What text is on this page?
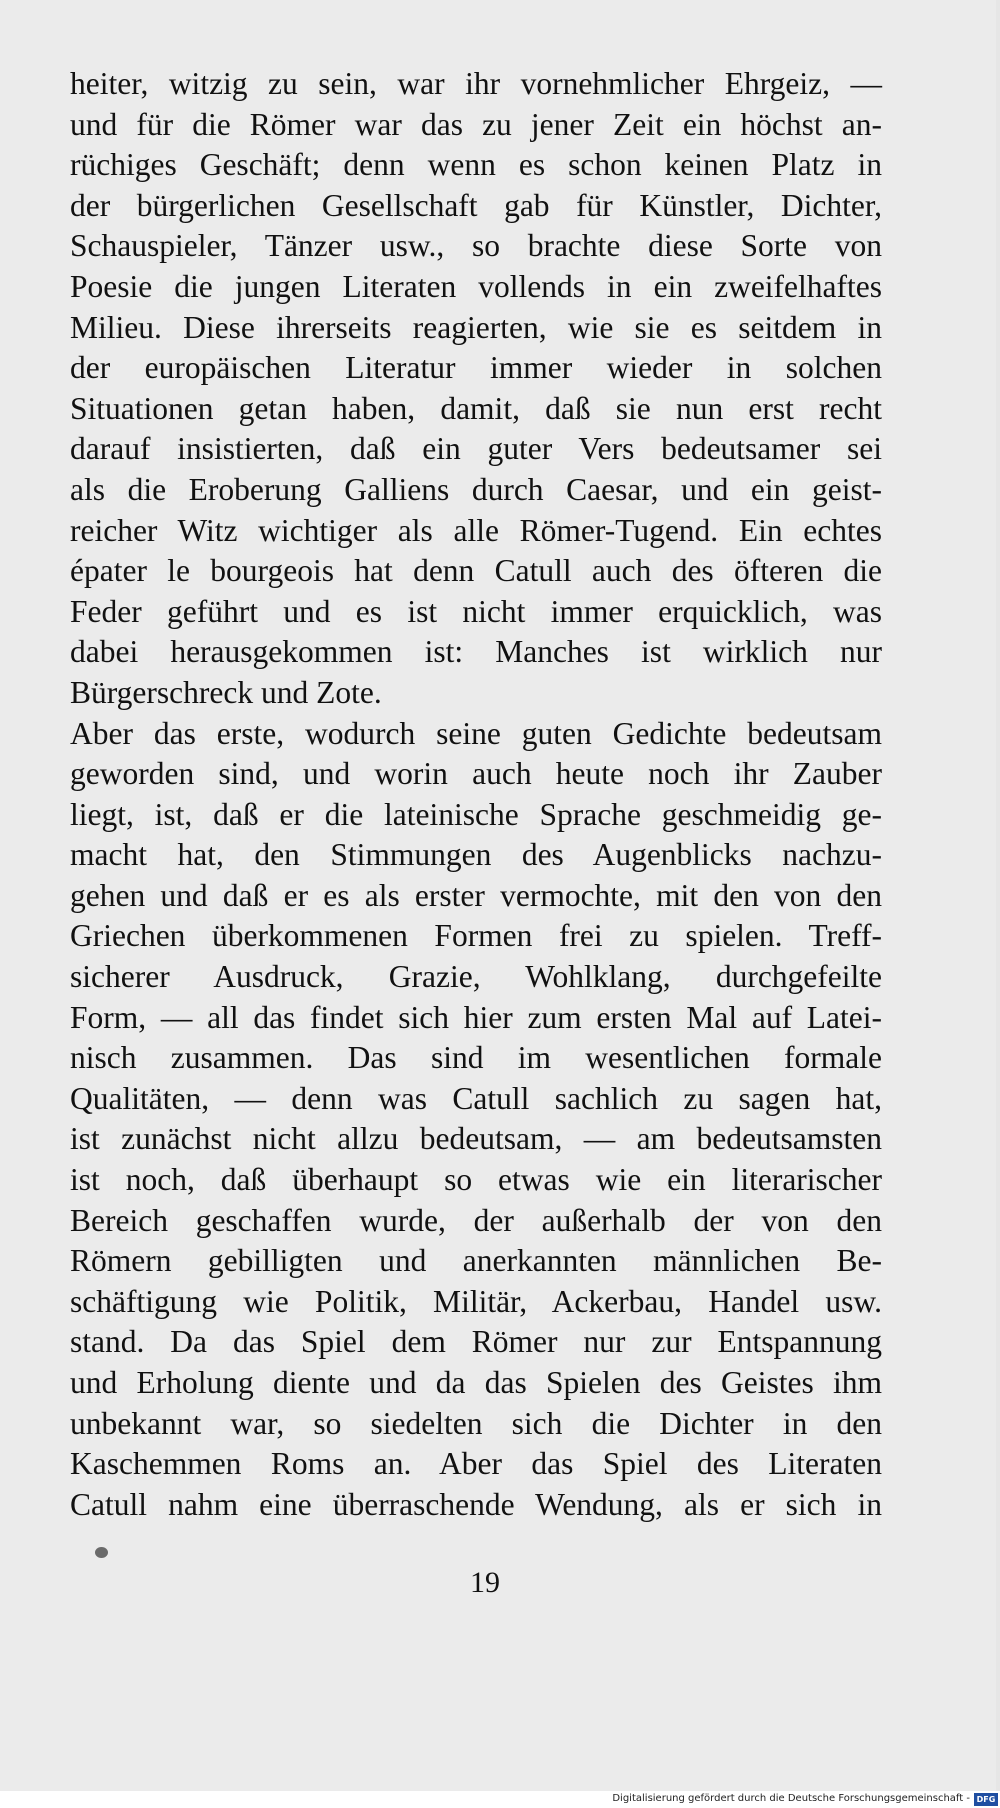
heiter, witzig zu sein, war ihr vornehmlicher Ehrgeiz, —
und für die Römer war das zu jener Zeit ein höchst an-
rüchiges Geschäft; denn wenn es schon keinen Platz in
der bürgerlichen Gesellschaft gab für Künstler, Dichter,
Schauspieler, Tänzer usw., so brachte diese Sorte von
Poesie die jungen Literaten vollends in ein zweifelhaftes
Milieu. Diese ihrerseits reagierten, wie sie es seitdem in
der europäischen Literatur immer wieder in solchen
Situationen getan haben, damit, daß sie nun erst recht
darauf insistierten, daß ein guter Vers bedeutsamer sei
als die Eroberung Galliens durch Caesar, und ein geist-
reicher Witz wichtiger als alle Römer-Tugend. Ein echtes
épater le bourgeois hat denn Catull auch des öfteren die
Feder geführt und es ist nicht immer erquicklich, was
dabei herausgekommen ist: Manches ist wirklich nur
Bürgerschreck und Zote.
Aber das erste, wodurch seine guten Gedichte bedeutsam
geworden sind, und worin auch heute noch ihr Zauber
liegt, ist, daß er die lateinische Sprache geschmeidig ge-
macht hat, den Stimmungen des Augenblicks nachzu-
gehen und daß er es als erster vermochte, mit den von den
Griechen überkommenen Formen frei zu spielen. Treff-
sicherer Ausdruck, Grazie, Wohlklang, durchgefeilte
Form, — all das findet sich hier zum ersten Mal auf Latei-
nisch zusammen. Das sind im wesentlichen formale
Qualitäten, — denn was Catull sachlich zu sagen hat,
ist zunächst nicht allzu bedeutsam, — am bedeutsamsten
ist noch, daß überhaupt so etwas wie ein literarischer
Bereich geschaffen wurde, der außerhalb der von den
Römern gebilligten und anerkannten männlichen Be-
schäftigung wie Politik, Militär, Ackerbau, Handel usw.
stand. Da das Spiel dem Römer nur zur Entspannung
und Erholung diente und da das Spielen des Geistes ihm
unbekannt war, so siedelten sich die Dichter in den
Kaschemmen Roms an. Aber das Spiel des Literaten
Catull nahm eine überraschende Wendung, als er sich in
19
Digitalisierung gefördert durch die Deutsche Forschungsgemeinschaft - DFG
